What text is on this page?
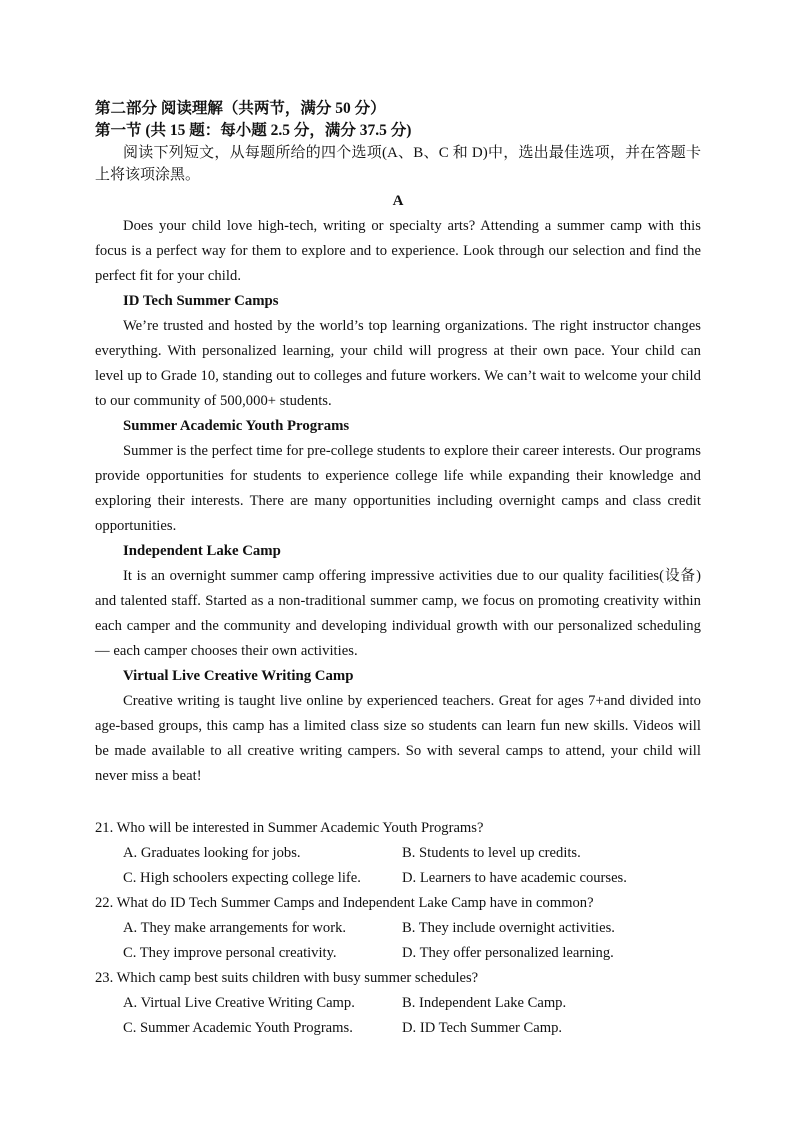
第二部分 阅读理解（共两节，满分 50 分）

第一节 (共 15 题：每小题 2.5 分，满分 37.5 分)

阅读下列短文，从每题所给的四个选项(A、B、C 和 D)中，选出最佳选项，并在答题卡上将该项涂黑。

A

Does your child love high-tech, writing or specialty arts? Attending a summer camp with this focus is a perfect way for them to explore and to experience. Look through our selection and find the perfect fit for your child.

ID Tech Summer Camps

We’re trusted and hosted by the world’s top learning organizations. The right instructor changes everything. With personalized learning, your child will progress at their own pace. Your child can level up to Grade 10, standing out to colleges and future workers. We can’t wait to welcome your child to our community of 500,000+ students.

Summer Academic Youth Programs

Summer is the perfect time for pre-college students to explore their career interests. Our programs provide opportunities for students to experience college life while expanding their knowledge and exploring their interests. There are many opportunities including overnight camps and class credit opportunities.

Independent Lake Camp

It is an overnight summer camp offering impressive activities due to our quality facilities(设备) and talented staff. Started as a non-traditional summer camp, we focus on promoting creativity within each camper and the community and developing individual growth with our personalized scheduling — each camper chooses their own activities.

Virtual Live Creative Writing Camp

Creative writing is taught live online by experienced teachers. Great for ages 7+and divided into age-based groups, this camp has a limited class size so students can learn fun new skills. Videos will be made available to all creative writing campers. So with several camps to attend, your child will never miss a beat!

21. Who will be interested in Summer Academic Youth Programs?

A. Graduates looking for jobs.	B. Students to level up credits.
C. High schoolers expecting college life.	D. Learners to have academic courses.

22. What do ID Tech Summer Camps and Independent Lake Camp have in common?

A. They make arrangements for work.	B. They include overnight activities.
C. They improve personal creativity.	D. They offer personalized learning.

23. Which camp best suits children with busy summer schedules?

A. Virtual Live Creative Writing Camp.	B. Independent Lake Camp.
C. Summer Academic Youth Programs.	D. ID Tech Summer Camp.
